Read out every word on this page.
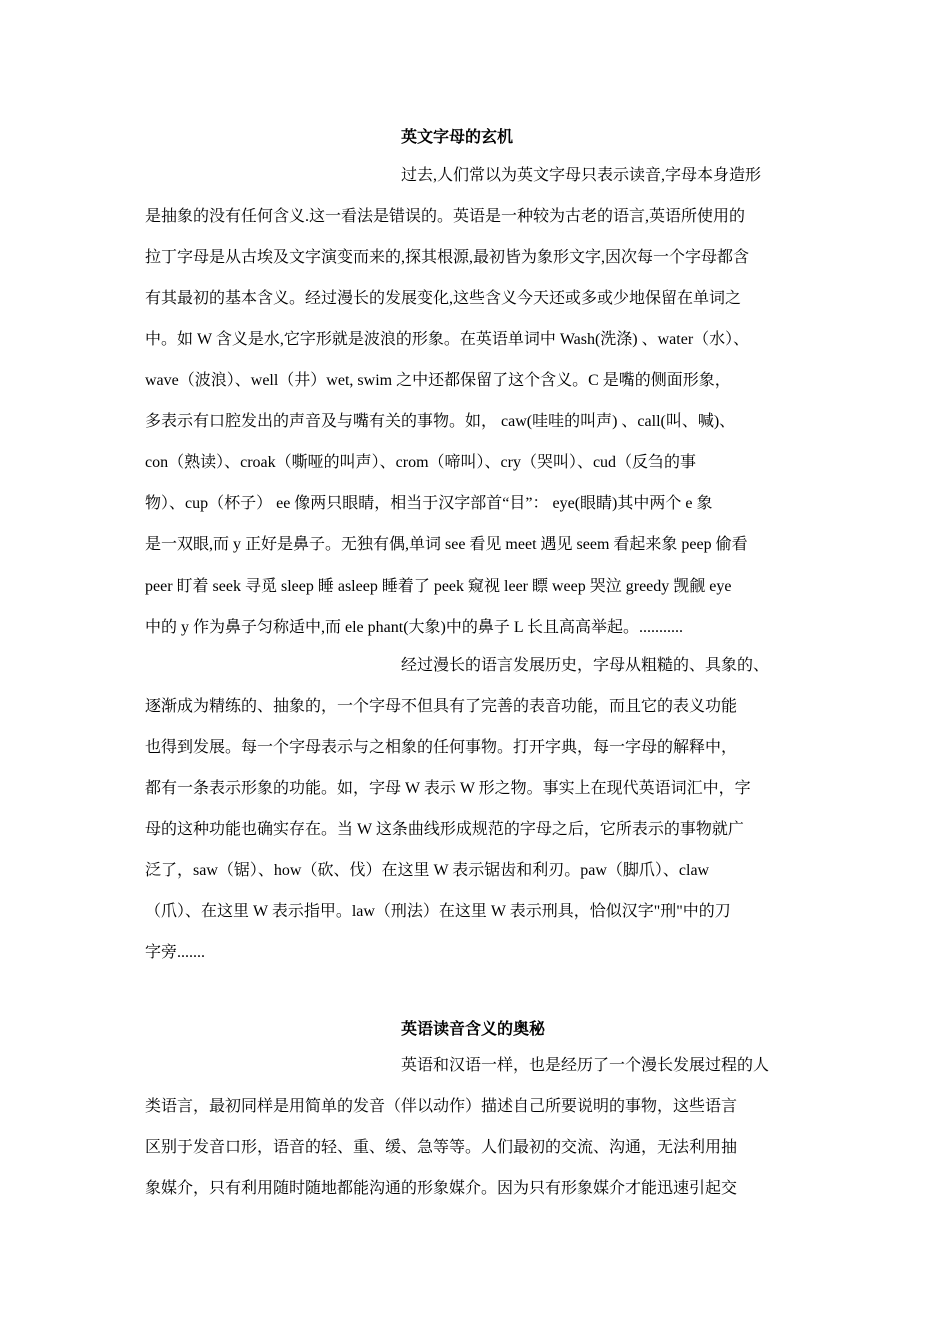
英文字母的玄机
过去,人们常以为英文字母只表示读音,字母本身造形
是抽象的没有任何含义.这一看法是错误的。英语是一种较为古老的语言,英语所使用的
拉丁字母是从古埃及文字演变而来的,探其根源,最初皆为象形文字,因次每一个字母都含
有其最初的基本含义。经过漫长的发展变化,这些含义今天还或多或少地保留在单词之
中。如 W 含义是水,它字形就是波浪的形象。在英语单词中 Wash(洗涤) 、water（水）、
wave（波浪）、well（井）wet, swim 之中还都保留了这个含义。C 是嘴的侧面形象，
多表示有口腔发出的声音及与嘴有关的事物。如， caw(哇哇的叫声) 、call(叫、喊)、
con（熟读）、croak（嘶哑的叫声）、crom（啼叫）、cry（哭叫）、cud（反刍的事
物）、cup（杯子） ee 像两只眼睛，相当于汉字部首“目”： eye(眼睛)其中两个 e 象
是一双眼,而 y 正好是鼻子。无独有偶,单词 see 看见 meet 遇见 seem 看起来象 peep 偷看
peer 盯着 seek 寻觅 sleep 睡 asleep 睡着了 peek 窥视 leer 瞟 weep 哭泣 greedy 觊觎 eye
中的 y 作为鼻子匀称适中,而 ele phant(大象)中的鼻子 L 长且高高举起。...........
经过漫长的语言发展历史，字母从粗糙的、具象的、
逐渐成为精练的、抽象的，一个字母不但具有了完善的表音功能，而且它的表义功能
也得到发展。每一个字母表示与之相象的任何事物。打开字典，每一字母的解释中，
都有一条表示形象的功能。如，字母 W 表示 W 形之物。事实上在现代英语词汇中，字
母的这种功能也确实存在。当 W 这条曲线形成规范的字母之后，它所表示的事物就广
泛了，saw（锯）、how（砍、伐）在这里 W 表示锯齿和利刃。paw（脚爪）、claw
（爪）、在这里 W 表示指甲。law（刑法）在这里 W 表示刑具，恰似汉字"刑"中的刀
字旁.......
英语读音含义的奥秘
英语和汉语一样，也是经历了一个漫长发展过程的人
类语言，最初同样是用简单的发音（伴以动作）描述自己所要说明的事物，这些语言
区别于发音口形，语音的轻、重、缓、急等等。人们最初的交流、沟通，无法利用抽
象媒介，只有利用随时随地都能沟通的形象媒介。因为只有形象媒介才能迅速引起交
